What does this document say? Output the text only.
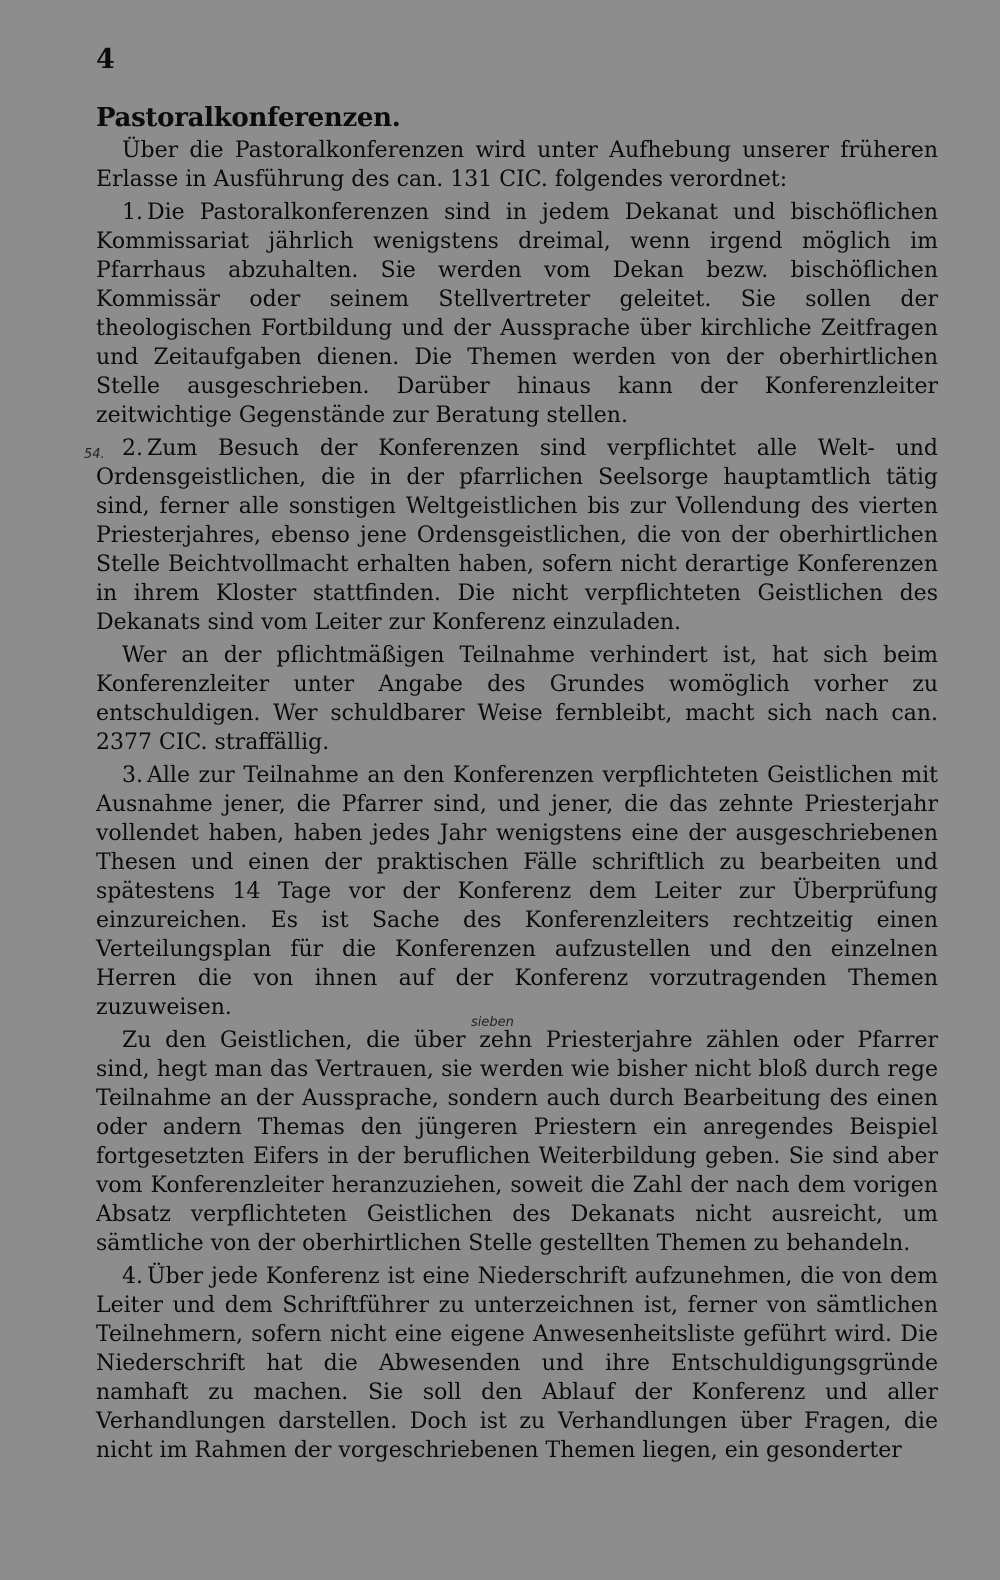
4
Pastoralkonferenzen.

Über die Pastoralkonferenzen wird unter Aufhebung unserer früheren Erlasse in Ausführung des can. 131 CIC. folgendes verordnet:

1. Die Pastoralkonferenzen sind in jedem Dekanat und bischöflichen Kommissariat jährlich wenigstens dreimal, wenn irgend möglich im Pfarrhaus abzuhalten. Sie werden vom Dekan bezw. bischöflichen Kommissär oder seinem Stellvertreter geleitet. Sie sollen der theologischen Fortbildung und der Aussprache über kirchliche Zeitfragen und Zeitaufgaben dienen. Die Themen werden von der oberhirtlichen Stelle ausgeschrieben. Darüber hinaus kann der Konferenzleiter zeitwichtige Gegenstände zur Beratung stellen.

2. Zum Besuch der Konferenzen sind verpflichtet alle Welt- und Ordensgeistlichen, die in der pfarrlichen Seelsorge hauptamtlich tätig sind, ferner alle sonstigen Weltgeistlichen bis zur Vollendung des vierten Priesterjahres, ebenso jene Ordensgeistlichen, die von der oberhirtlichen Stelle Beichtvollmacht erhalten haben, sofern nicht derartige Konferenzen in ihrem Kloster stattfinden. Die nicht verpflichteten Geistlichen des Dekanats sind vom Leiter zur Konferenz einzuladen.

Wer an der pflichtmäßigen Teilnahme verhindert ist, hat sich beim Konferenzleiter unter Angabe des Grundes womöglich vorher zu entschuldigen. Wer schuldbarer Weise fernbleibt, macht sich nach can. 2377 CIC. straffällig.

3. Alle zur Teilnahme an den Konferenzen verpflichteten Geistlichen mit Ausnahme jener, die Pfarrer sind, und jener, die das zehnte Priesterjahr vollendet haben, haben jedes Jahr wenigstens eine der ausgeschriebenen Thesen und einen der praktischen Fälle schriftlich zu bearbeiten und spätestens 14 Tage vor der Konferenz dem Leiter zur Überprüfung einzureichen. Es ist Sache des Konferenzleiters rechtzeitig einen Verteilungsplan für die Konferenzen aufzustellen und den einzelnen Herren die von ihnen auf der Konferenz vorzutragenden Themen zuzuweisen.

Zu den Geistlichen, die über zehn Priesterjahre zählen oder Pfarrer sind, hegt man das Vertrauen, sie werden wie bisher nicht bloß durch rege Teilnahme an der Aussprache, sondern auch durch Bearbeitung des einen oder andern Themas den jüngeren Priestern ein anregendes Beispiel fortgesetzten Eifers in der beruflichen Weiterbildung geben. Sie sind aber vom Konferenzleiter heranzuziehen, soweit die Zahl der nach dem vorigen Absatz verpflichteten Geistlichen des Dekanats nicht ausreicht, um sämtliche von der oberhirtlichen Stelle gestellten Themen zu behandeln.

4. Über jede Konferenz ist eine Niederschrift aufzunehmen, die von dem Leiter und dem Schriftführer zu unterzeichnen ist, ferner von sämtlichen Teilnehmern, sofern nicht eine eigene Anwesenheitsliste geführt wird. Die Niederschrift hat die Abwesenden und ihre Entschuldigungsgründe namhaft zu machen. Sie soll den Ablauf der Konferenz und aller Verhandlungen darstellen. Doch ist zu Verhandlungen über Fragen, die nicht im Rahmen der vorgeschriebenen Themen liegen, ein gesonderter

54.
sieben
